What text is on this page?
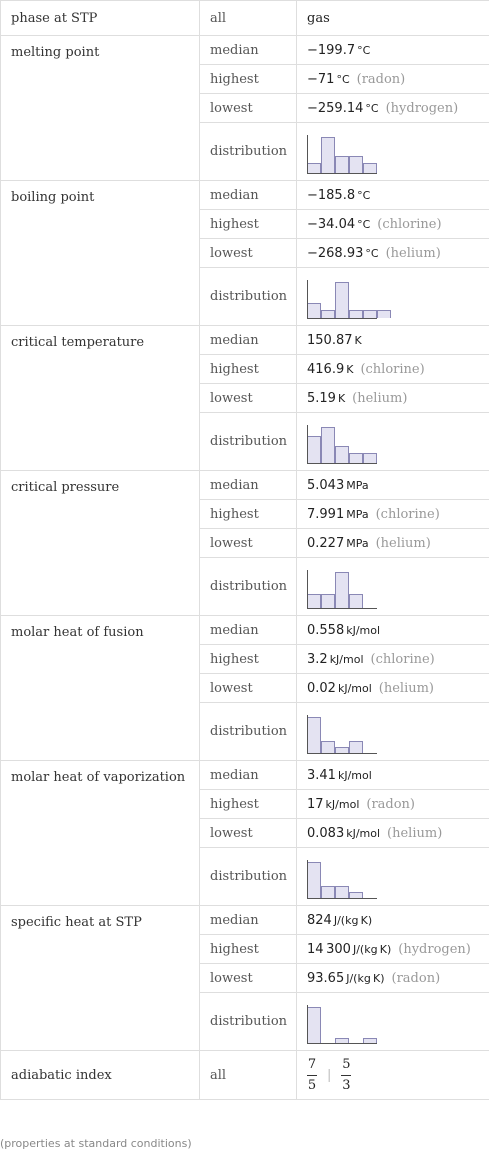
phase at STP	all	gas
melting point	median	−199.7 °C
	highest	−71 °C (radon)
	lowest	−259.14 °C (hydrogen)
	distribution	

boiling point	median	−185.8 °C
	highest	−34.04 °C (chlorine)
	lowest	−268.93 °C (helium)
	distribution	

critical temperature	median	150.87 K
	highest	416.9 K (chlorine)
	lowest	5.19 K (helium)
	distribution	

critical pressure	median	5.043 MPa
	highest	7.991 MPa (chlorine)
	lowest	0.227 MPa (helium)
	distribution	

molar heat of fusion	median	0.558 kJ/mol
	highest	3.2 kJ/mol (chlorine)
	lowest	0.02 kJ/mol (helium)
	distribution	

molar heat of vaporization	median	3.41 kJ/mol
	highest	17 kJ/mol (radon)
	lowest	0.083 kJ/mol (helium)
	distribution	

specific heat at STP	median	824 J/(kg K)
	highest	14 300 J/(kg K) (hydrogen)
	lowest	93.65 J/(kg K) (radon)
	distribution	

adiabatic index	all	$\frac{7}{5}$ | $\frac{5}{3}$
(properties at standard conditions)
